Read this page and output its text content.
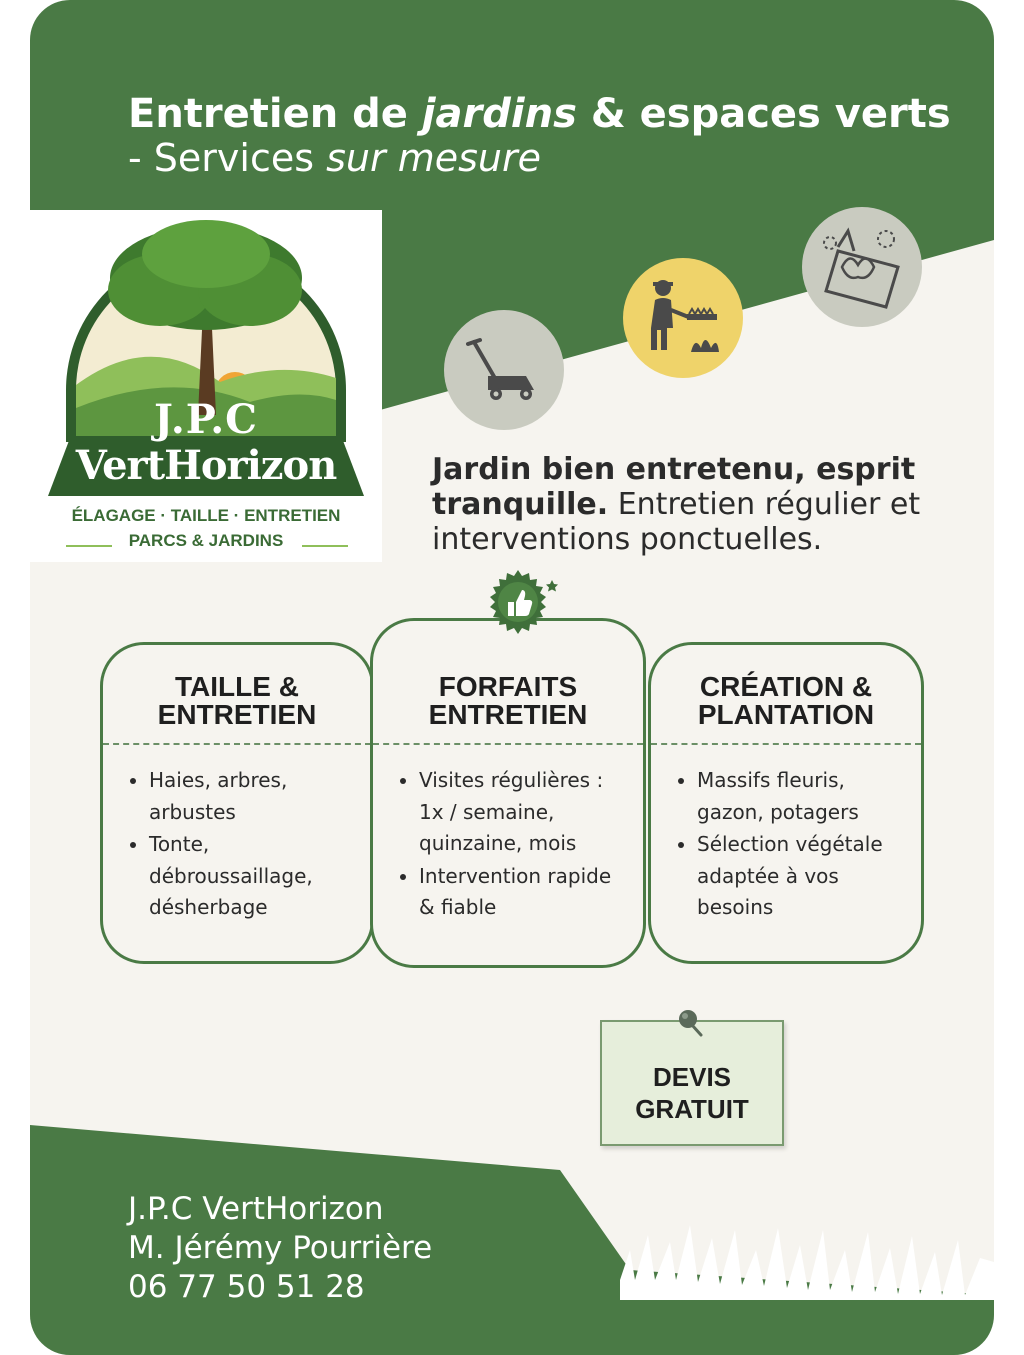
Entretien de jardins & espaces verts
- Services sur mesure
J.P.C
VertHorizon
ÉLAGAGE · TAILLE · ENTRETIEN
PARCS & JARDINS
Jardin bien entretenu, esprit tranquille. Entretien régulier et interventions ponctuelles.
TAILLE &
ENTRETIEN
• Haies, arbres, arbustes
• Tonte, débroussaillage, désherbage
FORFAITS
ENTRETIEN
• Visites régulières : 1x / semaine, quinzaine, mois
• Intervention rapide & fiable
CRÉATION &
PLANTATION
• Massifs fleuris, gazon, potagers
• Sélection végétale adaptée à vos besoins
DEVIS
GRATUIT
J.P.C VertHorizon
M. Jérémy Pourrière
06 77 50 51 28
